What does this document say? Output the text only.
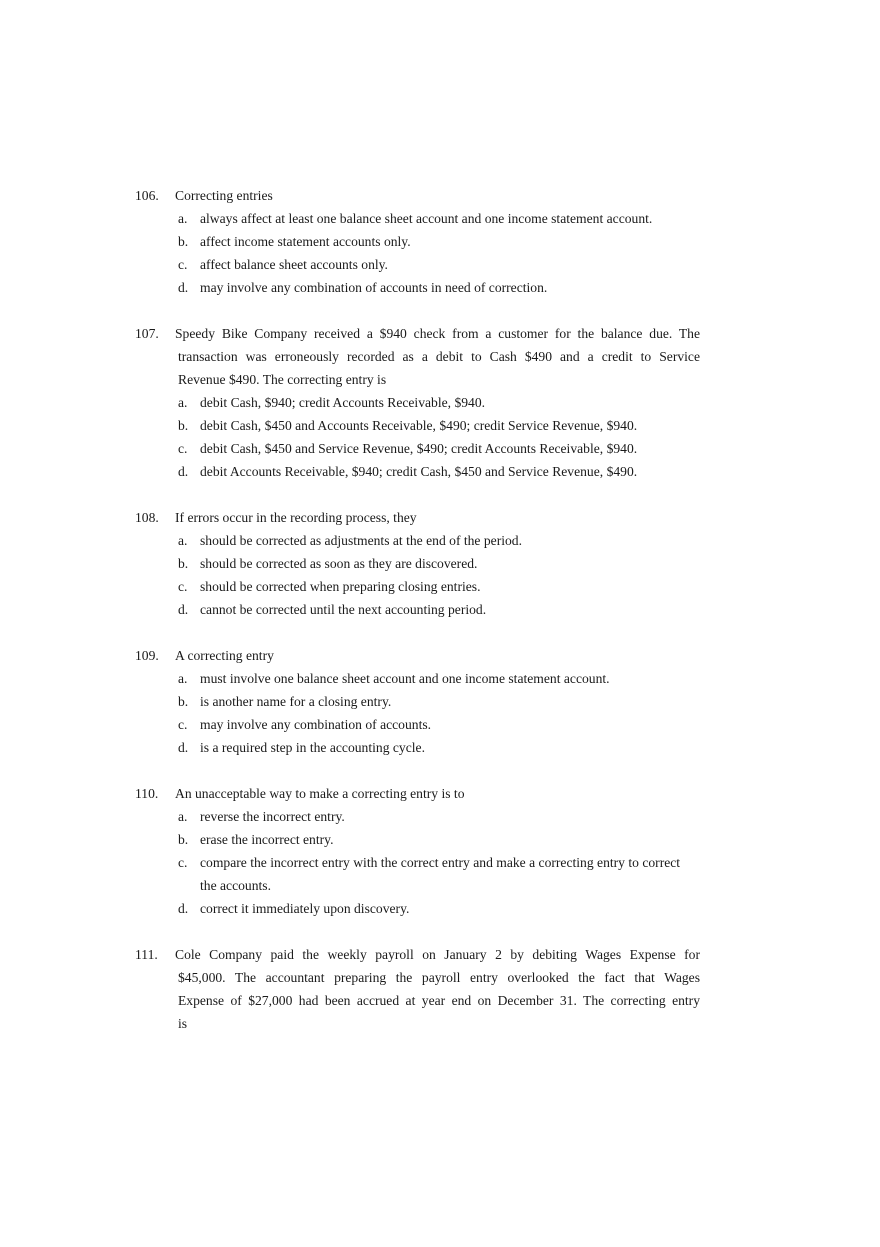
106.	Correcting entries
a. always affect at least one balance sheet account and one income statement account.
b. affect income statement accounts only.
c. affect balance sheet accounts only.
d. may involve any combination of accounts in need of correction.
107.	Speedy Bike Company received a $940 check from a customer for the balance due. The
transaction was erroneously recorded as a debit to Cash $490 and a credit to Service
Revenue $490. The correcting entry is
a. debit Cash, $940; credit Accounts Receivable, $940.
b. debit Cash, $450 and Accounts Receivable, $490; credit Service Revenue, $940.
c. debit Cash, $450 and Service Revenue, $490; credit Accounts Receivable, $940.
d. debit Accounts Receivable, $940; credit Cash, $450 and Service Revenue, $490.
108.	If errors occur in the recording process, they
a. should be corrected as adjustments at the end of the period.
b. should be corrected as soon as they are discovered.
c. should be corrected when preparing closing entries.
d. cannot be corrected until the next accounting period.
109.	A correcting entry
a. must involve one balance sheet account and one income statement account.
b. is another name for a closing entry.
c. may involve any combination of accounts.
d. is a required step in the accounting cycle.
110.	An unacceptable way to make a correcting entry is to
a. reverse the incorrect entry.
b. erase the incorrect entry.
c. compare the incorrect entry with the correct entry and make a correcting entry to correct
the accounts.
d. correct it immediately upon discovery.
111.	Cole Company paid the weekly payroll on January 2 by debiting Wages Expense for
$45,000. The accountant preparing the payroll entry overlooked the fact that Wages
Expense of $27,000 had been accrued at year end on December 31. The correcting entry
is
